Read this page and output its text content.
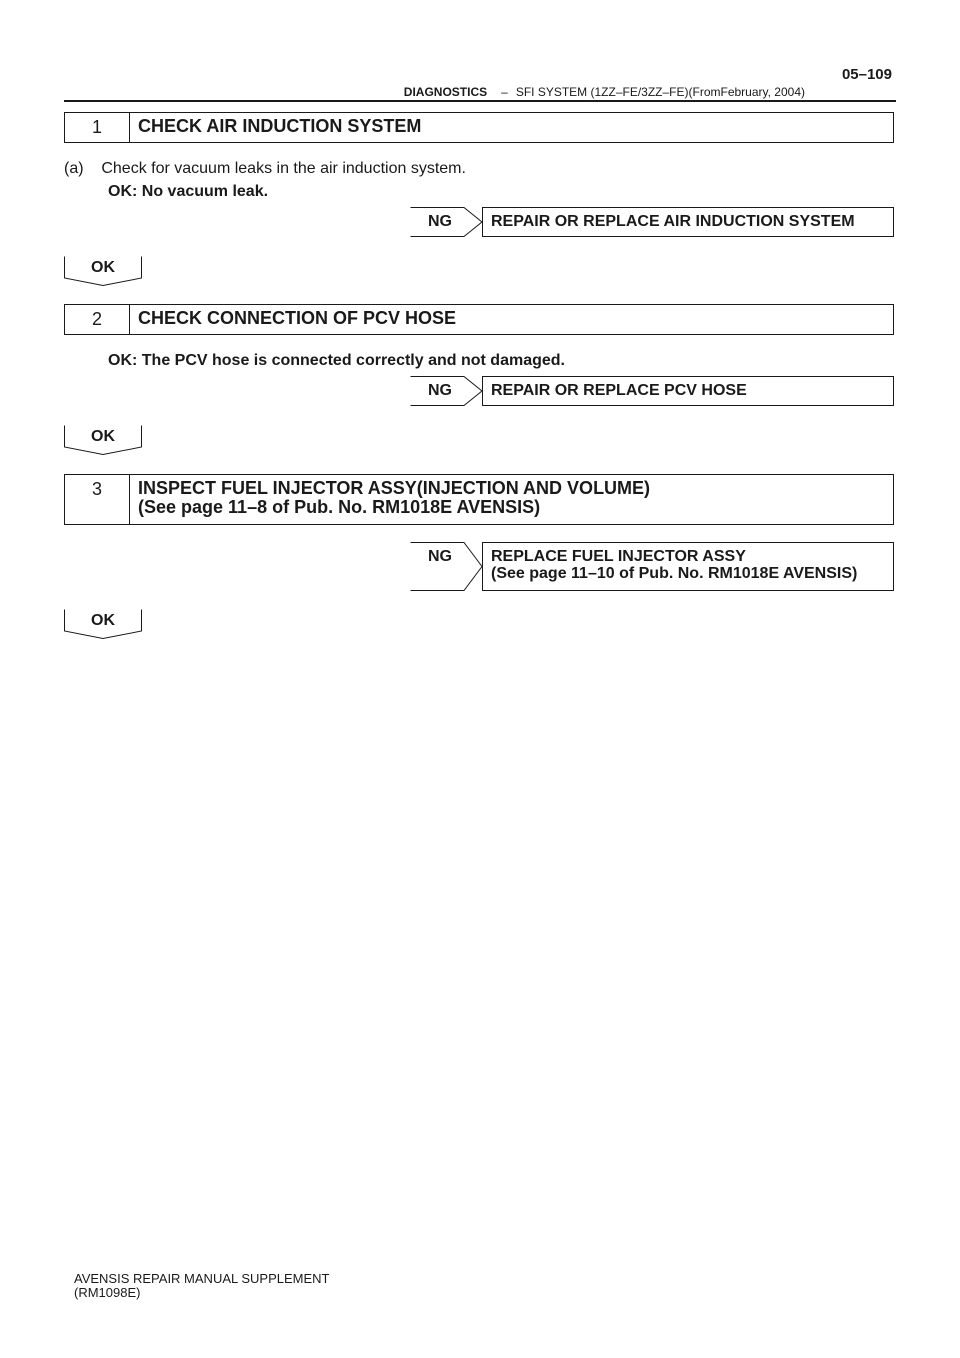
05–109
DIAGNOSTICS – SFI SYSTEM (1ZZ–FE/3ZZ–FE)(FromFebruary, 2004)
1	CHECK AIR INDUCTION SYSTEM
(a)    Check for vacuum leaks in the air induction system.
OK: No vacuum leak.
NG	REPAIR OR REPLACE AIR INDUCTION SYSTEM
OK
2	CHECK CONNECTION OF PCV HOSE
OK: The PCV hose is connected correctly and not damaged.
NG	REPAIR OR REPLACE PCV HOSE
OK
3	INSPECT FUEL INJECTOR ASSY(INJECTION AND VOLUME)
(See page 11–8 of Pub. No. RM1018E AVENSIS)
NG REPLACE FUEL INJECTOR ASSY
(See page 11–10 of Pub. No. RM1018E AVENSIS)
OK
AVENSIS REPAIR MANUAL SUPPLEMENT
(RM1098E)
